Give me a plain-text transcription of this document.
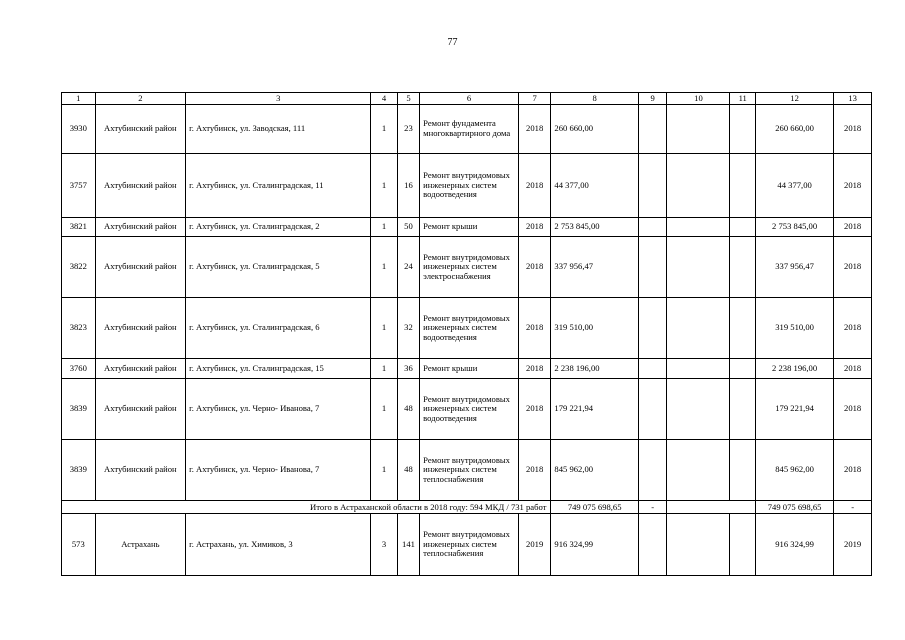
77
1	2	3	4	5	6	7	8	9	10	11	12	13
3930	Ахтубинский район	г. Ахтубинск, ул. Заводская, 111	1	23	Ремонт фундамента многоквартирного дома	2018	260 660,00				260 660,00	2018
3757	Ахтубинский район	г. Ахтубинск, ул. Сталинградская, 11	1	16	Ремонт внутридомовых инженерных систем водоотведения	2018	44 377,00				44 377,00	2018
3821	Ахтубинский район	г. Ахтубинск, ул. Сталинградская, 2	1	50	Ремонт крыши	2018	2 753 845,00				2 753 845,00	2018
3822	Ахтубинский район	г. Ахтубинск, ул. Сталинградская, 5	1	24	Ремонт внутридомовых инженерных систем электроснабжения	2018	337 956,47				337 956,47	2018
3823	Ахтубинский район	г. Ахтубинск, ул. Сталинградская, 6	1	32	Ремонт внутридомовых инженерных систем водоотведения	2018	319 510,00				319 510,00	2018
3760	Ахтубинский район	г. Ахтубинск, ул. Сталинградская, 15	1	36	Ремонт крыши	2018	2 238 196,00				2 238 196,00	2018
3839	Ахтубинский район	г. Ахтубинск, ул. Черно- Иванова, 7	1	48	Ремонт внутридомовых инженерных систем водоотведения	2018	179 221,94				179 221,94	2018
3839	Ахтубинский район	г. Ахтубинск, ул. Черно- Иванова, 7	1	48	Ремонт внутридомовых инженерных систем теплоснабжения	2018	845 962,00				845 962,00	2018
Итого в Астраханской области в 2018 году: 594 МКД / 731 работ							749 075 698,65	-			749 075 698,65	-
573	Астрахань	г. Астрахань, ул. Химиков, 3	3	141	Ремонт внутридомовых инженерных систем теплоснабжения	2019	916 324,99				916 324,99	2019
